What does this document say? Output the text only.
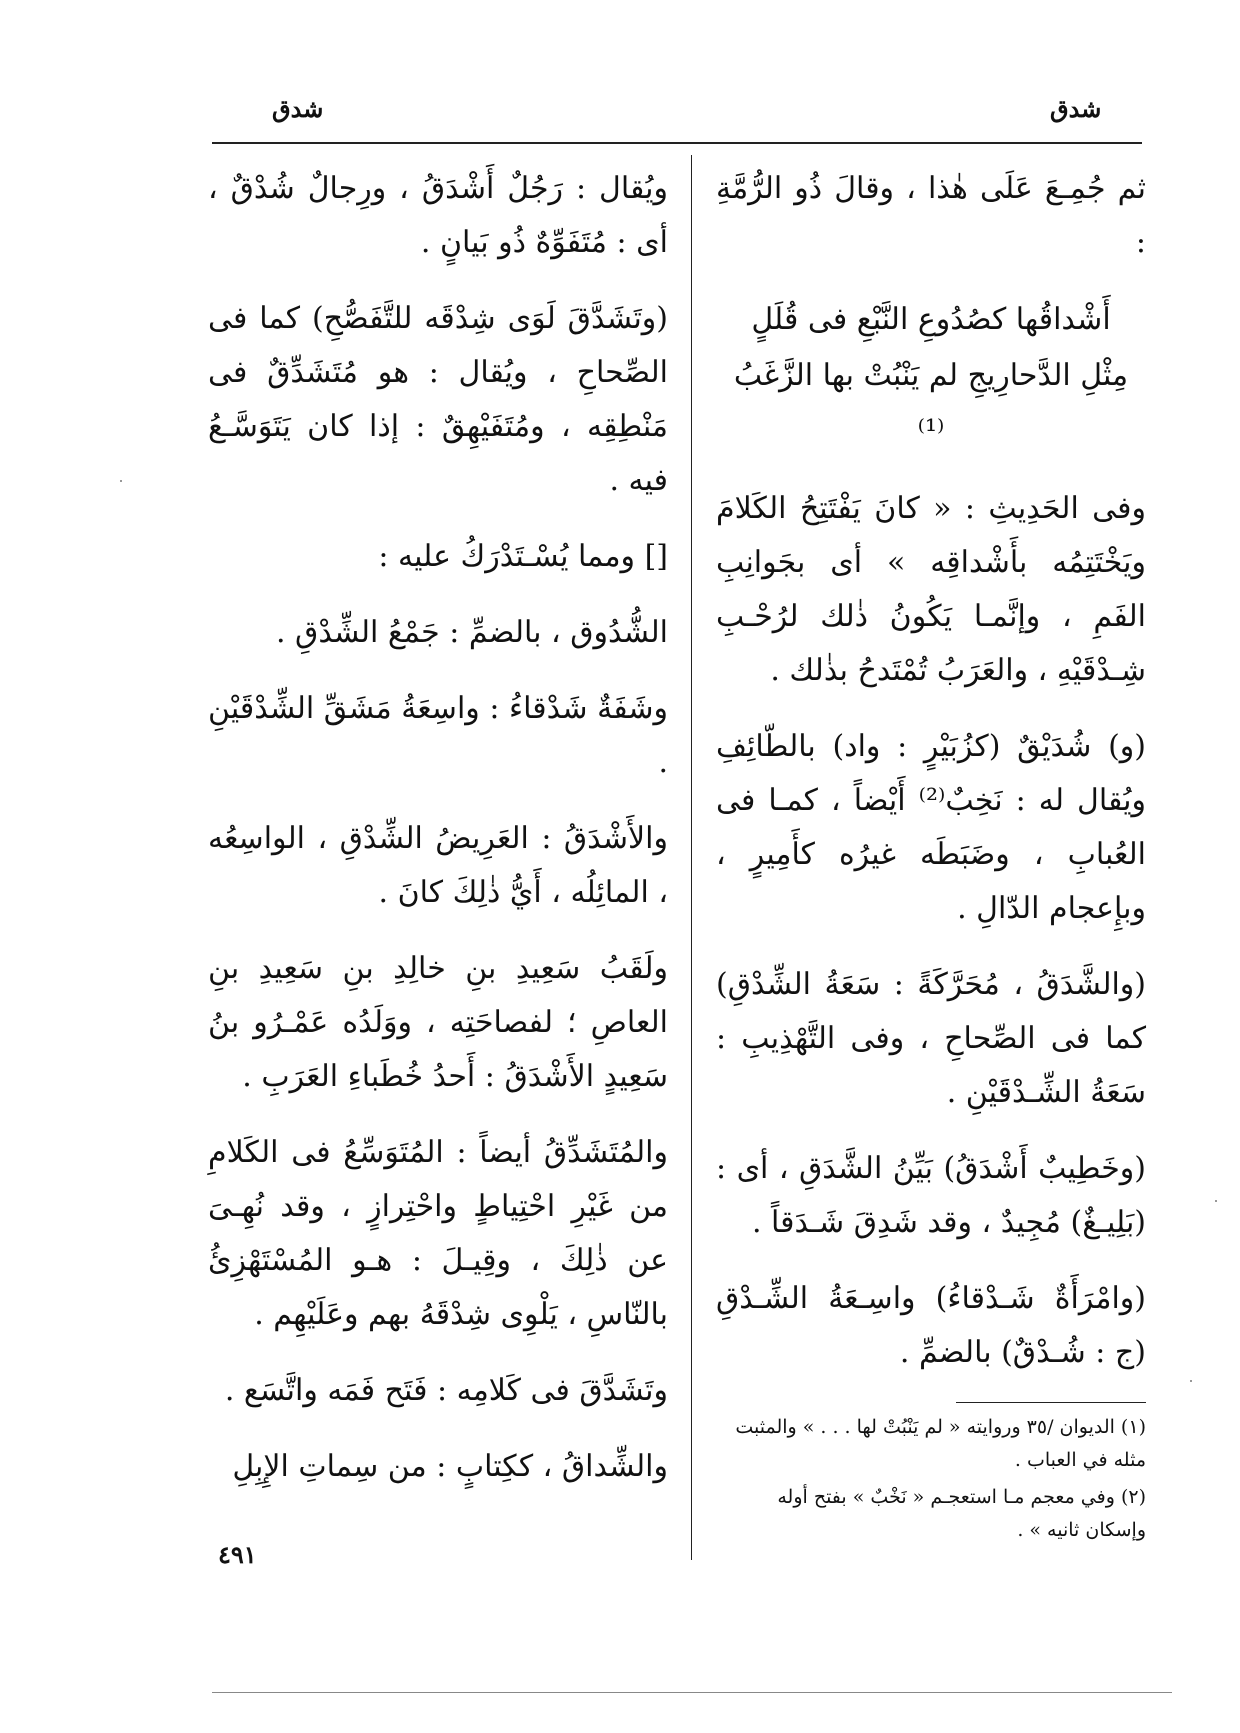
شدق
شدق

ثم جُمِـعَ عَلَى هٰذا ، وقالَ ذُو الرُّمَّةِ :

أَشْداقُها كصُدُوعِ النَّبْعِ فى قُلَلٍ
مِثْلِ الدَّحارِيجِ لم يَنْبُتْ بها الزَّغَبُ ⁽¹⁾

وفى الحَدِيثِ : « كانَ يَفْتَتِحُ الكَلامَ ويَخْتَتِمُه بأَشْداقِه » أى بجَوانِبِ الفَمِ ، وإنَّمـا يَكُونُ ذٰلك لرُحْـبِ شِـدْقَيْهِ ، والعَرَبُ تُمْتَدحُ بذٰلك .

(و) شُدَيْقٌ (كزُبَيْرٍ : واد) بالطّائِفِ ويُقال له : نَخِبٌ⁽²⁾ أَيْضاً ، كمـا فى العُبابِ ، وضَبَطَه غيرُه كأَمِيرٍ ، وبإِعجام الدّالِ .

(والشَّدَقُ ، مُحَرَّكَةً : سَعَةُ الشِّدْقِ) كما فى الصِّحاحِ ، وفى التَّهْذِيبِ : سَعَةُ الشِّـدْقَيْنِ .

(وخَطِيبٌ أَشْدَقُ) بَيِّنُ الشَّدَقِ ، أى : (بَلِيـغٌ) مُجِيدٌ ، وقد شَدِقَ شَـدَقاً .

(وامْرَأَةٌ شَـدْقاءُ) واسِـعَةُ الشِّـدْقِ (ج : شُـدْقٌ) بالضمِّ .

(١) الديوان /٣٥ وروايته « لم يَنْبُتْ لها . . . » والمثبت مثله في العباب .
(٢) وفي معجم مـا استعجـم « نَخْبٌ » بفتح أوله وإسكان ثانيه » .

ويُقال : رَجُلٌ أَشْدَقُ ، ورِجالٌ شُدْقٌ ، أى : مُتَفَوِّهٌ ذُو بَيانٍ .

(وتَشَدَّقَ لَوَى شِدْقَه للتَّفَصُّحِ) كما فى الصِّحاحِ ، ويُقال : هو مُتَشَدِّقٌ فى مَنْطِقِه ، ومُتَفَيْهِقٌ : إذا كان يَتَوَسَّـعُ فيه .

[] ومما يُسْـتَدْرَكُ عليه :

الشُّدُوق ، بالضمِّ : جَمْعُ الشِّدْقِ .

وشَفَةٌ شَدْقاءُ : واسِعَةُ مَشَقِّ الشِّدْقَيْنِ .

والأَشْدَقُ : العَرِيضُ الشِّدْقِ ، الواسِعُه ، المائِلُه ، أَيُّ ذٰلِكَ كانَ .

ولَقَبُ سَعِيدِ بنِ خالِدِ بنِ سَعِيدِ بنِ العاصِ ؛ لفصاحَتِه ، ووَلَدُه عَمْـرُو بنُ سَعِيدٍ الأَشْدَقُ : أَحدُ خُطَباءِ العَرَبِ .

والمُتَشَدِّقُ أيضاً : المُتَوَسِّعُ فى الكَلامِ من غَيْرِ احْتِياطٍ واحْتِرازٍ ، وقد نُهِـىَ عن ذٰلِكَ ، وقِيـلَ : هـو المُسْتَهْزِئُ بالنّاسِ ، يَلْوِى شِدْقَهُ بهم وعَلَيْهِم .

وتَشَدَّقَ فى كَلامِه : فَتَح فَمَه واتَّسَع .

والشِّداقُ ، ككِتابٍ : من سِماتِ الإِبِلِ

٤٩١
